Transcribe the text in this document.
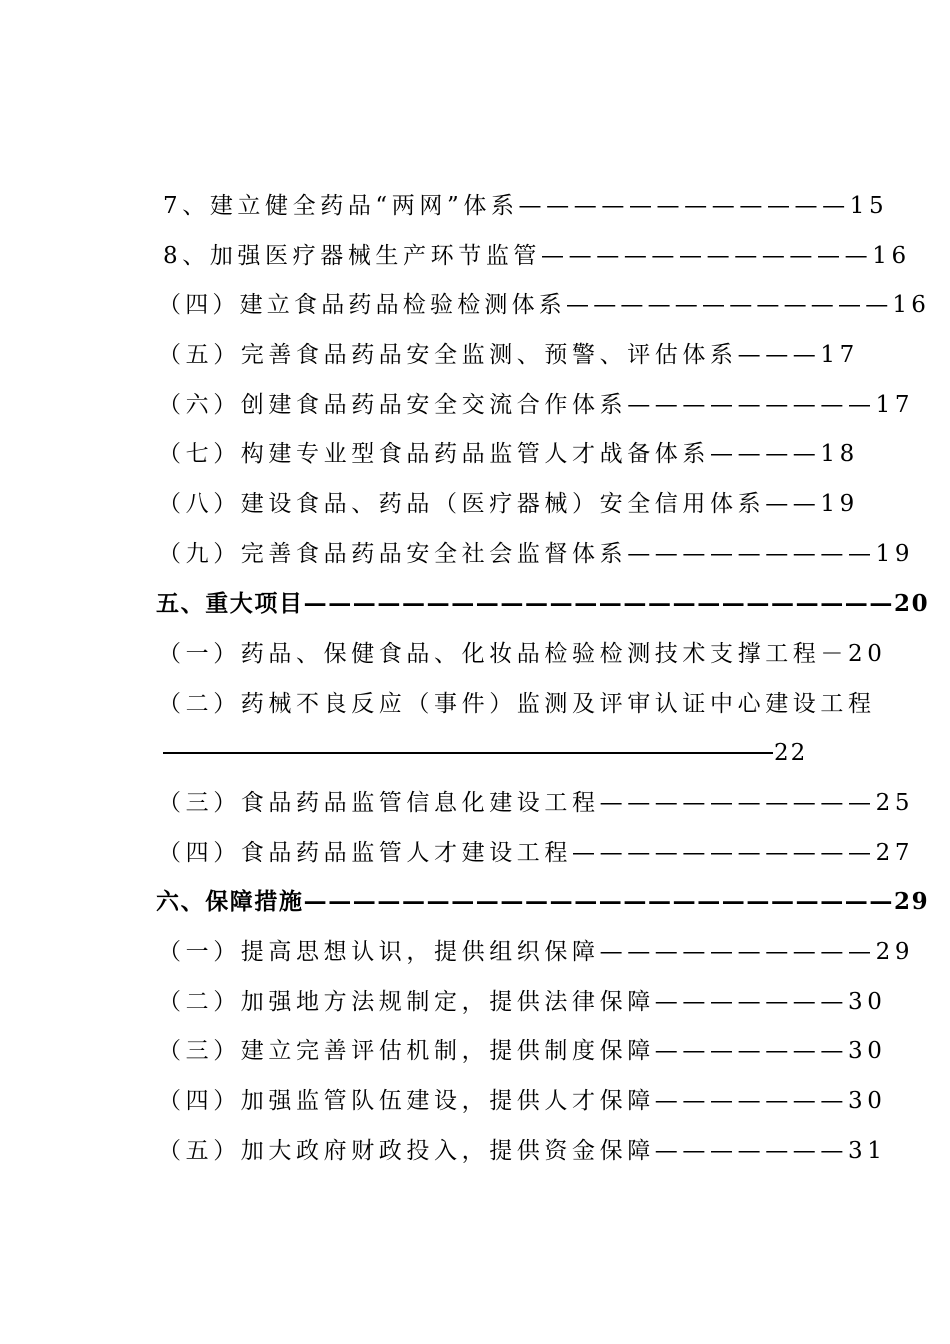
7、建立健全药品“两网”体系————————————15

8、加强医疗器械生产环节监管————————————16

（四）建立食品药品检验检测体系————————————16

（五）完善食品药品安全监测、预警、评估体系———17

（六）创建食品药品安全交流合作体系—————————17

（七）构建专业型食品药品监管人才战备体系————18

（八）建设食品、药品（医疗器械）安全信用体系——19

（九）完善食品药品安全社会监督体系—————————19

五、重大项目————————————————————————20

（一）药品、保健食品、化妆品检验检测技术支撑工程－20

（二）药械不良反应（事件）监测及评审认证中心建设工程

22

（三）食品药品监管信息化建设工程——————————25

（四）食品药品监管人才建设工程———————————27

六、保障措施————————————————————————29

（一）提高思想认识，提供组织保障——————————29

（二）加强地方法规制定，提供法律保障———————30

（三）建立完善评估机制，提供制度保障———————30

（四）加强监管队伍建设，提供人才保障———————30

（五）加大政府财政投入，提供资金保障———————31
